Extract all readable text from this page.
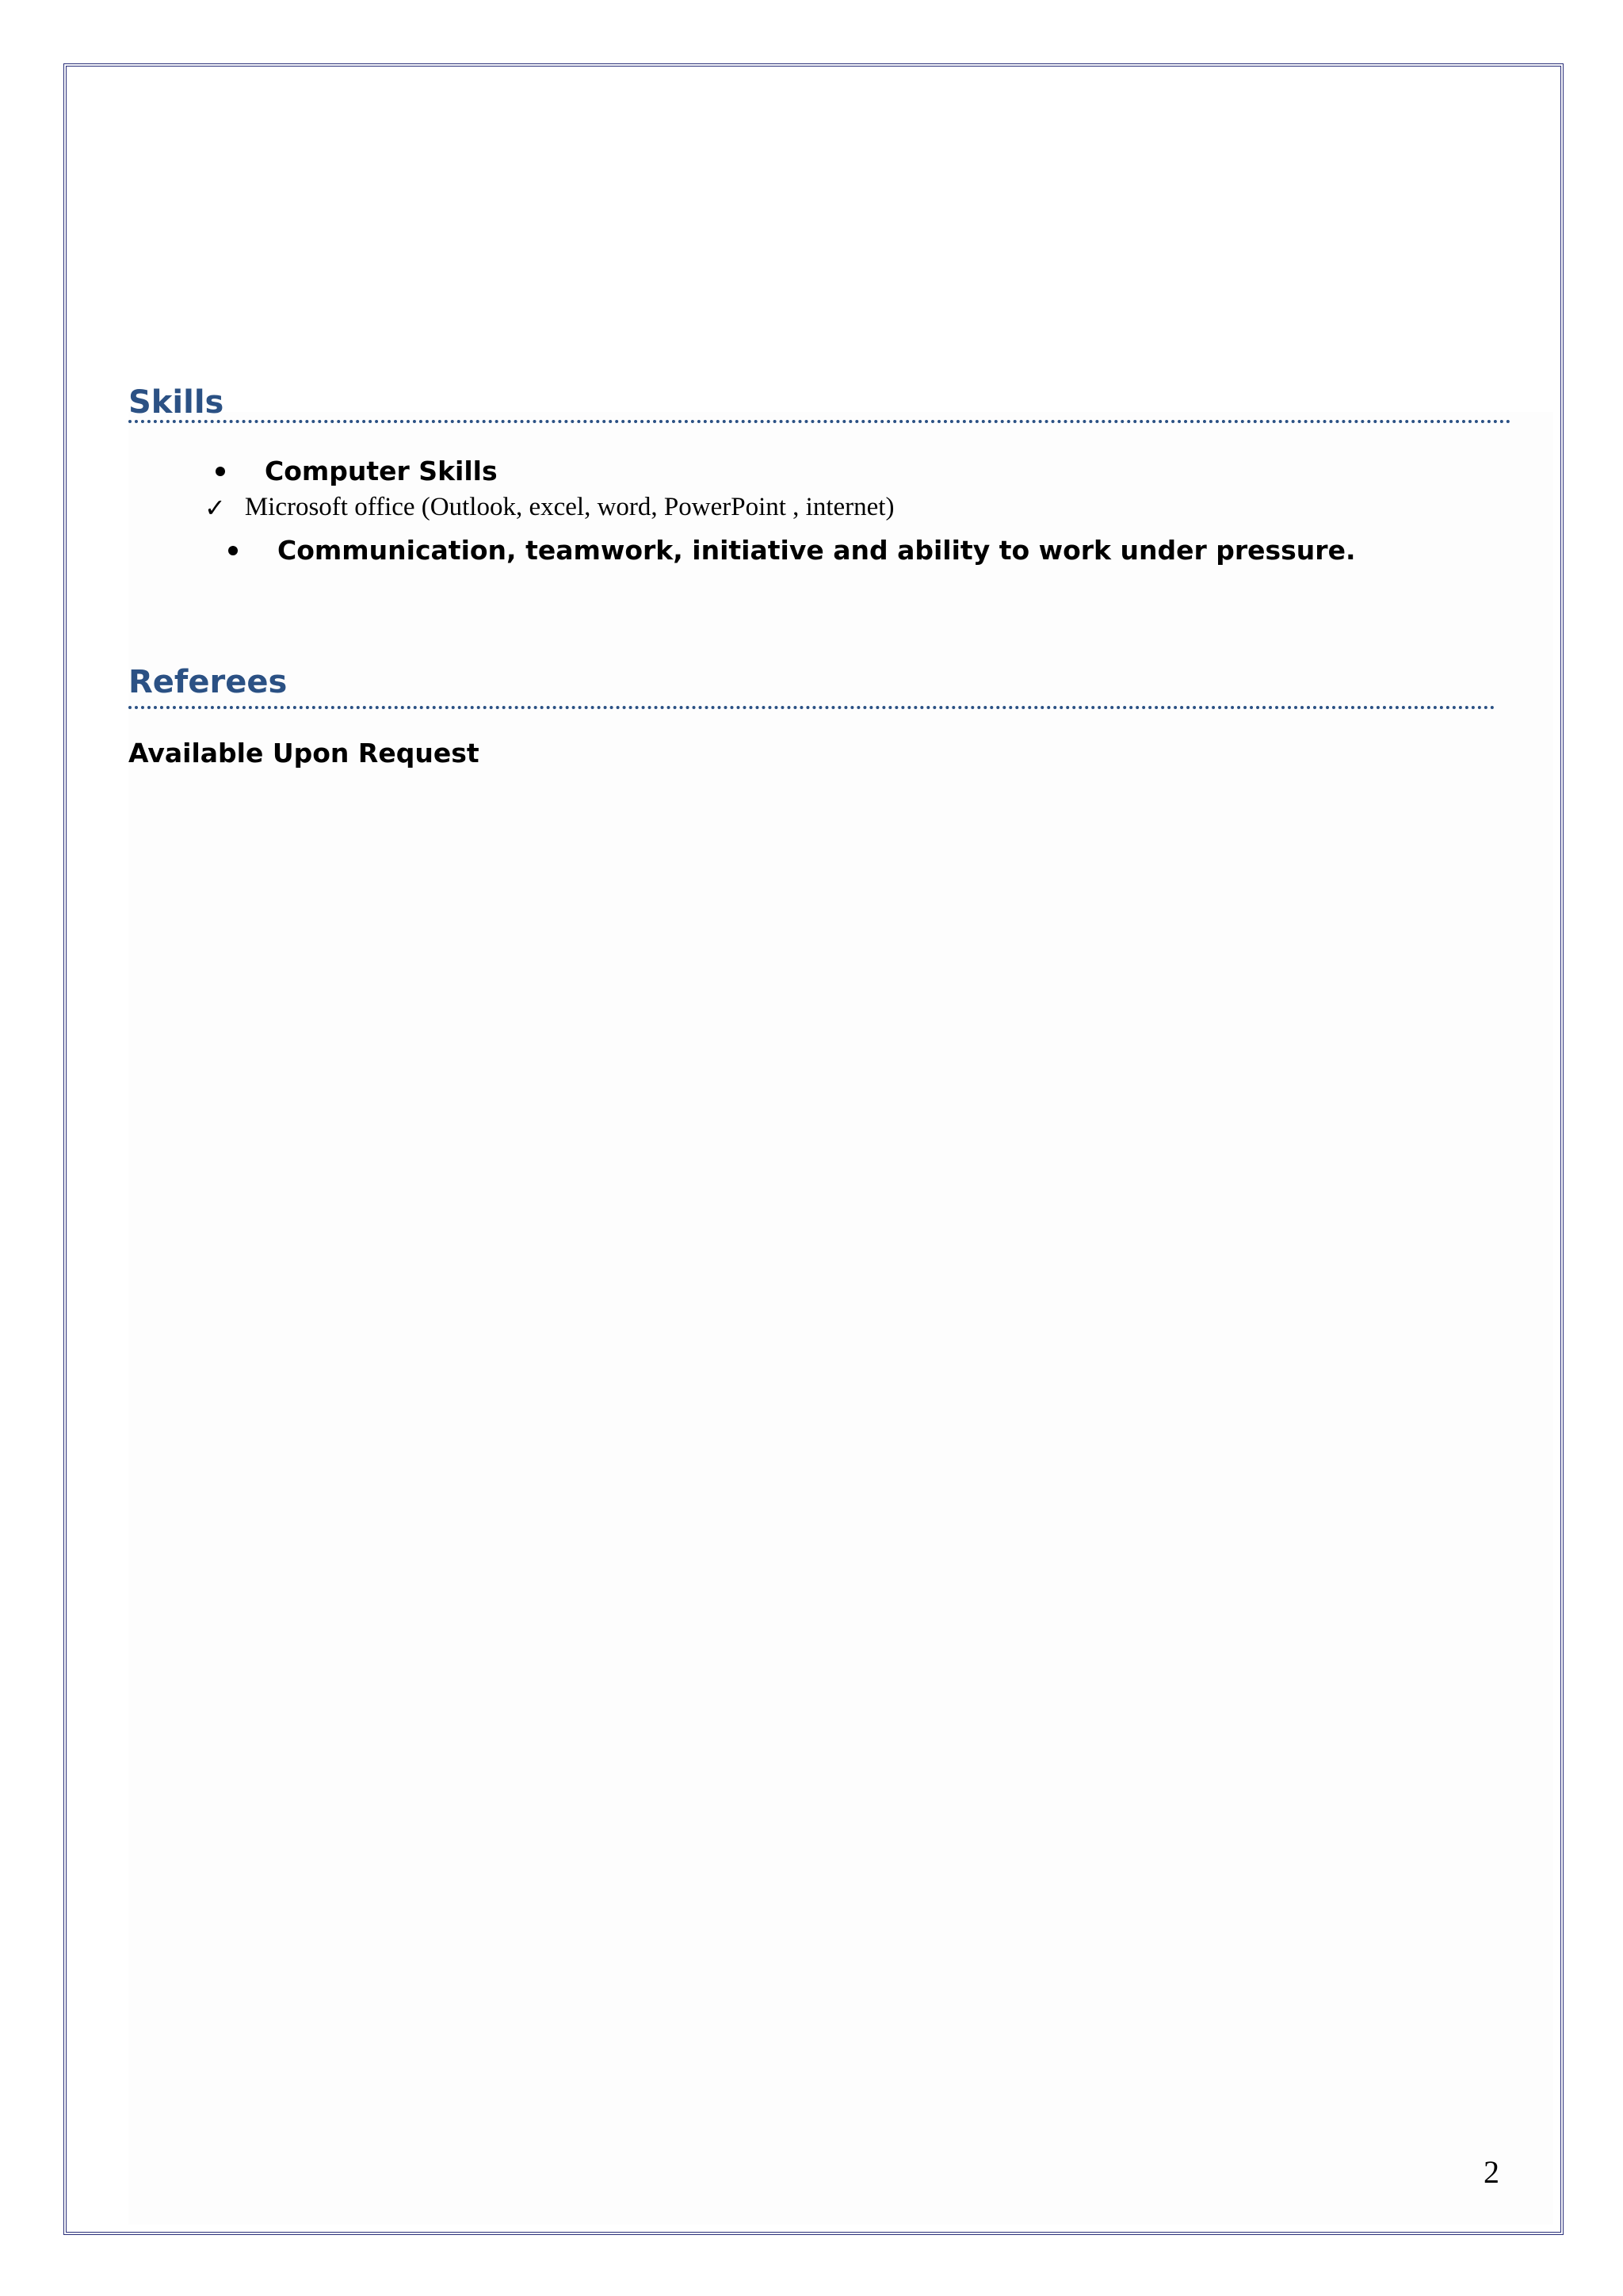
Skills
Computer Skills
✓ Microsoft office (Outlook, excel, word, PowerPoint , internet)
Communication, teamwork, initiative and ability to work under pressure.
Referees
Available Upon Request
2
